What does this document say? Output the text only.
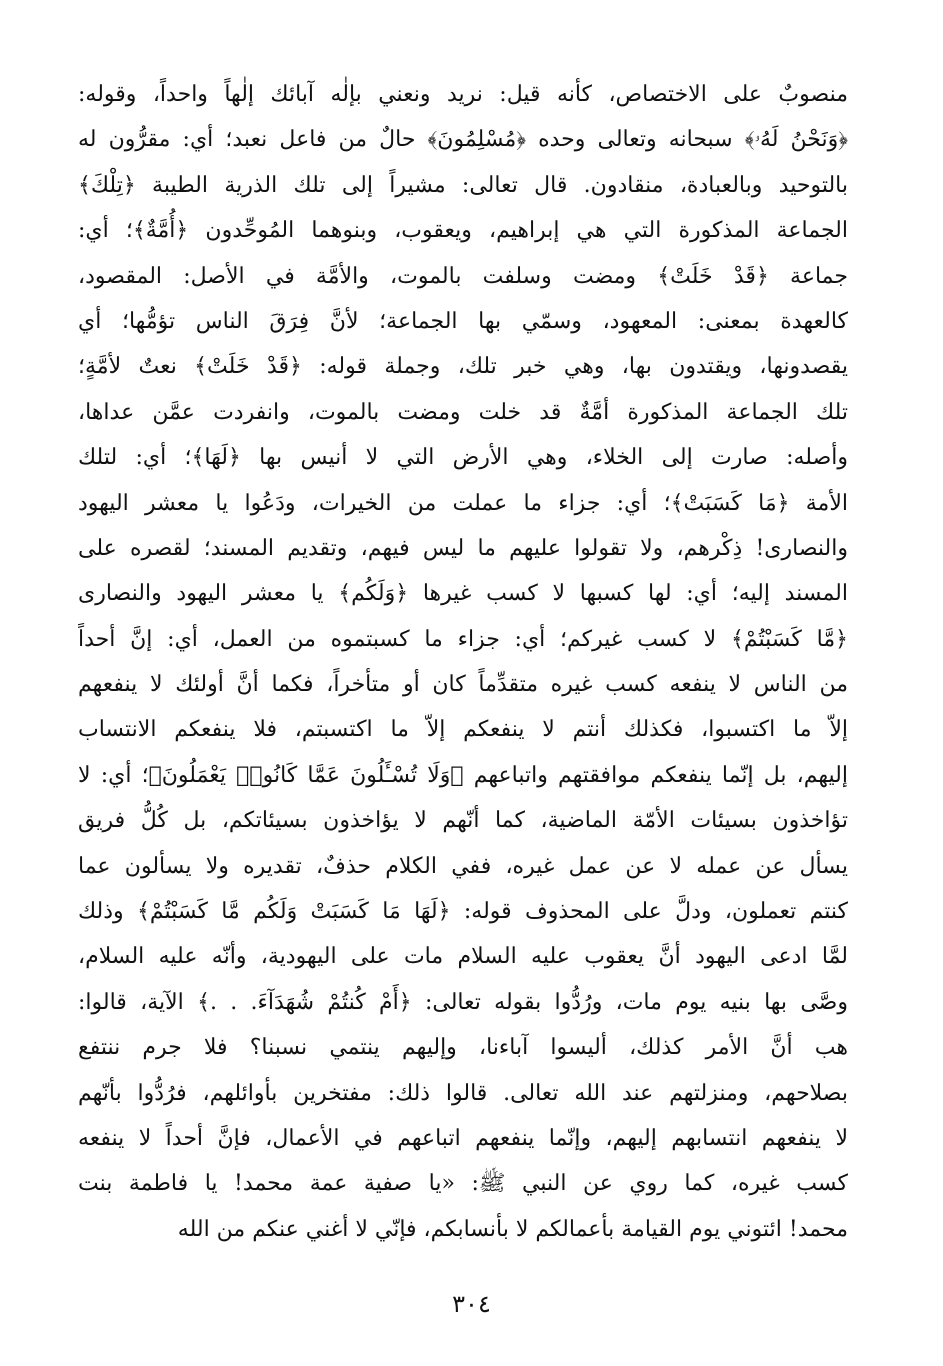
منصوبٌ على الاختصاص، كأنه قيل: نريد ونعني بإلٰه آبائك إلٰهاً واحداً، وقوله:
﴿وَنَحْنُ لَهُۥ﴾ سبحانه وتعالى وحده ﴿مُسْلِمُونَ﴾ حالٌ من فاعل نعبد؛ أي: مقرُّون له
بالتوحيد وبالعبادة، منقادون. قال تعالى: مشيراً إلى تلك الذرية الطيبة ﴿تِلْكَ﴾
الجماعة المذكورة التي هي إبراهيم، ويعقوب، وبنوهما المُوحِّدون ﴿أُمَّةٌ﴾؛ أي:
جماعة ﴿قَدْ خَلَتْ﴾ ومضت وسلفت بالموت، والأمَّة في الأصل: المقصود،
كالعهدة بمعنى: المعهود، وسمّي بها الجماعة؛ لأنَّ فِرَقَ الناس تؤمُّها؛ أي
يقصدونها، ويقتدون بها، وهي خبر تلك، وجملة قوله: ﴿قَدْ خَلَتْ﴾ نعتٌ لأمَّةٍ؛
تلك الجماعة المذكورة أمَّةٌ قد خلت ومضت بالموت، وانفردت عمَّن عداها،
وأصله: صارت إلى الخلاء، وهي الأرض التي لا أنيس بها ﴿لَهَا﴾؛ أي: لتلك
الأمة ﴿مَا كَسَبَتْ﴾؛ أي: جزاء ما عملت من الخيرات، ودَعُوا يا معشر اليهود
والنصارى! ذِكْرهم، ولا تقولوا عليهم ما ليس فيهم، وتقديم المسند؛ لقصره على
المسند إليه؛ أي: لها كسبها لا كسب غيرها ﴿وَلَكُم﴾ يا معشر اليهود والنصارى
﴿مَّا كَسَبْتُمْ﴾ لا كسب غيركم؛ أي: جزاء ما كسبتموه من العمل، أي: إنَّ أحداً
من الناس لا ينفعه كسب غيره متقدِّماً كان أو متأخراً، فكما أنَّ أولئك لا ينفعهم
إلاّ ما اكتسبوا، فكذلك أنتم لا ينفعكم إلاّ ما اكتسبتم، فلا ينفعكم الانتساب
إليهم، بل إنّما ينفعكم موافقتهم واتباعهم ﴿وَلَا تُسْـَٔلُونَ عَمَّا كَانُوا۟ يَعْمَلُونَ﴾؛ أي: لا
تؤاخذون بسيئات الأمّة الماضية، كما أنّهم لا يؤاخذون بسيئاتكم، بل كُلُّ فريق
يسأل عن عمله لا عن عمل غيره، ففي الكلام حذفٌ، تقديره ولا يسألون عما
كنتم تعملون، ودلَّ على المحذوف قوله: ﴿لَهَا مَا كَسَبَتْ وَلَكُم مَّا كَسَبْتُمْ﴾ وذلك
لمَّا ادعى اليهود أنَّ يعقوب عليه السلام مات على اليهودية، وأنّه عليه السلام،
وصَّى بها بنيه يوم مات، ورُدُّوا بقوله تعالى: ﴿أَمْ كُنتُمْ شُهَدَآءَ. . .﴾ الآية، قالوا:
هب أنَّ الأمر كذلك، أليسوا آباءنا، وإليهم ينتمي نسبنا؟ فلا جرم ننتفع
بصلاحهم، ومنزلتهم عند الله تعالى. قالوا ذلك: مفتخرين بأوائلهم، فرُدُّوا بأنّهم
لا ينفعهم انتسابهم إليهم، وإنّما ينفعهم اتباعهم في الأعمال، فإنَّ أحداً لا ينفعه
كسب غيره، كما روي عن النبي ﷺ: «يا صفية عمة محمد! يا فاطمة بنت
محمد! ائتوني يوم القيامة بأعمالكم لا بأنسابكم، فإنّي لا أغني عنكم من الله
٣٠٤
